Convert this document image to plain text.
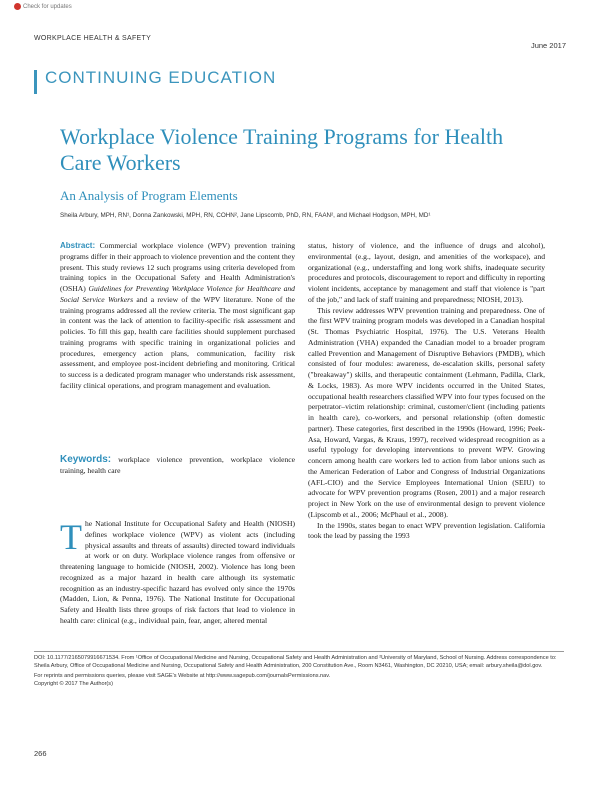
Check for updates
WORKPLACE HEALTH & SAFETY
June 2017
CONTINUING EDUCATION
Workplace Violence Training Programs for Health Care Workers
An Analysis of Program Elements
Sheila Arbury, MPH, RN¹, Donna Zankowski, MPH, RN, COHN², Jane Lipscomb, PhD, RN, FAAN², and Michael Hodgson, MPH, MD¹

Abstract: Commercial workplace violence (WPV) prevention training programs differ in their approach to violence prevention and the content they present. This study reviews 12 such programs using criteria developed from training topics in the Occupational Safety and Health Administration's (OSHA) Guidelines for Preventing Workplace Violence for Healthcare and Social Service Workers and a review of the WPV literature. None of the training programs addressed all the review criteria. The most significant gap in content was the lack of attention to facility-specific risk assessment and policies. To fill this gap, health care facilities should supplement purchased training programs with specific training in organizational policies and procedures, emergency action plans, communication, facility risk assessment, and employee post-incident debriefing and monitoring. Critical to success is a dedicated program manager who understands risk assessment, facility clinical operations, and program management and evaluation.

Keywords: workplace violence prevention, workplace violence training, health care

The National Institute for Occupational Safety and Health (NIOSH) defines workplace violence (WPV) as violent acts (including physical assaults and threats of assaults) directed toward individuals at work or on duty. Workplace violence ranges from offensive or threatening language to homicide (NIOSH, 2002). Violence has long been recognized as a major hazard in health care although its systematic recognition as an industry-specific hazard has evolved only since the 1970s (Madden, Lion, & Penna, 1976). The National Institute for Occupational Safety and Health lists three groups of risk factors that lead to violence in health care: clinical (e.g., individual pain, fear, anger, altered mental

status, history of violence, and the influence of drugs and alcohol), environmental (e.g., layout, design, and amenities of the workspace), and organizational (e.g., understaffing and long work shifts, inadequate security procedures and protocols, discouragement to report and difficulty in reporting violent incidents, acceptance by management and staff that violence is "part of the job," and lack of staff training and preparedness; NIOSH, 2013).

This review addresses WPV prevention training and preparedness. One of the first WPV training program models was developed in a Canadian hospital (St. Thomas Psychiatric Hospital, 1976). The U.S. Veterans Health Administration (VHA) expanded the Canadian model to a broader program called Prevention and Management of Disruptive Behaviors (PMDB), which consisted of four modules: awareness, de-escalation skills, personal safety ("breakaway") skills, and therapeutic containment (Lehmann, Padilla, Clark, & Locks, 1983). As more WPV incidents occurred in the United States, occupational health researchers classified WPV into four types focused on the perpetrator–victim relationship: criminal, customer/client (including patients in health care), co-workers, and personal relationship (often domestic partner). These categories, first described in the 1990s (Howard, 1996; Peek-Asa, Howard, Vargas, & Kraus, 1997), received widespread recognition as a useful typology for developing interventions to prevent WPV. Growing concern among health care workers led to action from labor unions such as the American Federation of Labor and Congress of Industrial Organizations (AFL-CIO) and the Service Employees International Union (SEIU) to advocate for WPV prevention programs (Rosen, 2001) and a major research project in New York on the use of environmental design to prevent violence (Lipscomb et al., 2006; McPhaul et al., 2008).

In the 1990s, states began to enact WPV prevention legislation. California took the lead by passing the 1993

DOI: 10.1177/2165079916671534. From ¹Office of Occupational Medicine and Nursing, Occupational Safety and Health Administration and ²University of Maryland, School of Nursing. Address correspondence to: Sheila Arbury, Office of Occupational Medicine and Nursing, Occupational Safety and Health Administration, 200 Constitution Ave., Room N3461, Washington, DC 20210, USA; email: arbury.sheila@dol.gov.

For reprints and permissions queries, please visit SAGE's Website at http://www.sagepub.com/journalsPermissions.nav.

Copyright © 2017 The Author(s)

266
